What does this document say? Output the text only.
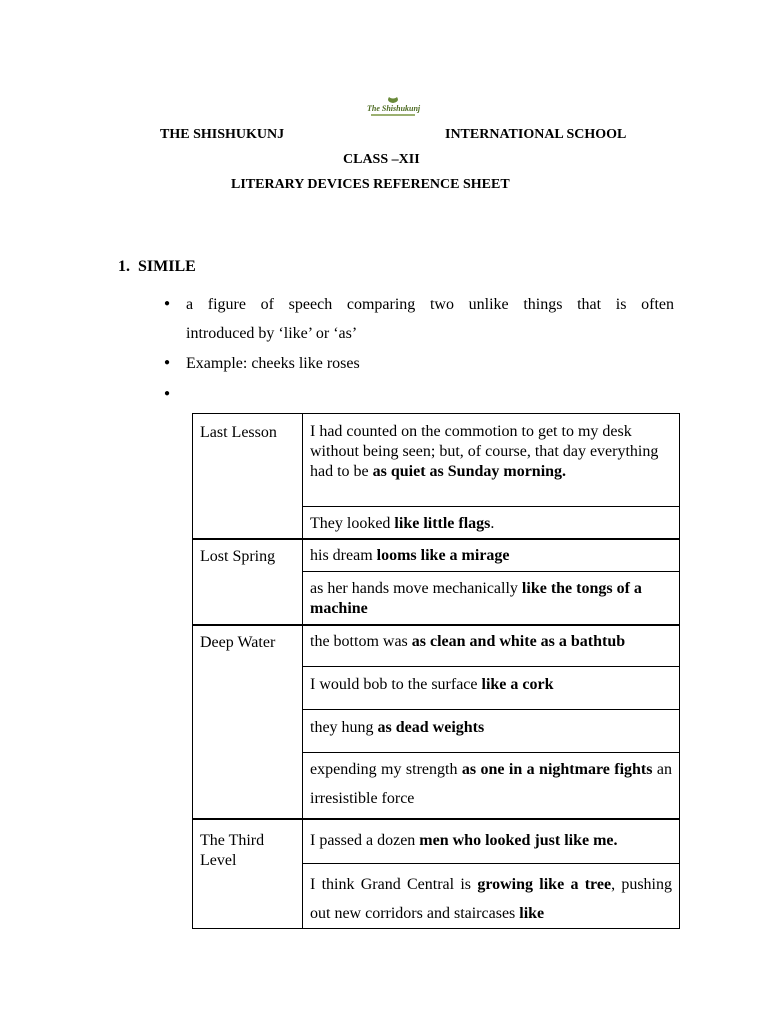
The Shishukunj
THE SHISHUKUNJ	INTERNATIONAL SCHOOL
CLASS –XII
LITERARY DEVICES REFERENCE SHEET
1. SIMILE
● a figure of speech comparing two unlike things that is often
introduced by ‘like’ or ‘as’
● Example: cheeks like roses
●
Last Lesson I had counted on the commotion to get to my desk without being seen; but, of course, that day everything had to be as quiet as Sunday morning.
They looked like little flags.
Lost Spring his dream looms like a mirage
as her hands move mechanically like the tongs of a machine
Deep Water the bottom was as clean and white as a bathtub
I would bob to the surface like a cork
they hung as dead weights
expending my strength as one in a nightmare fights an irresistible force
The Third Level
I passed a dozen men who looked just like me.
I think Grand Central is growing like a tree, pushing out new corridors and staircases like
